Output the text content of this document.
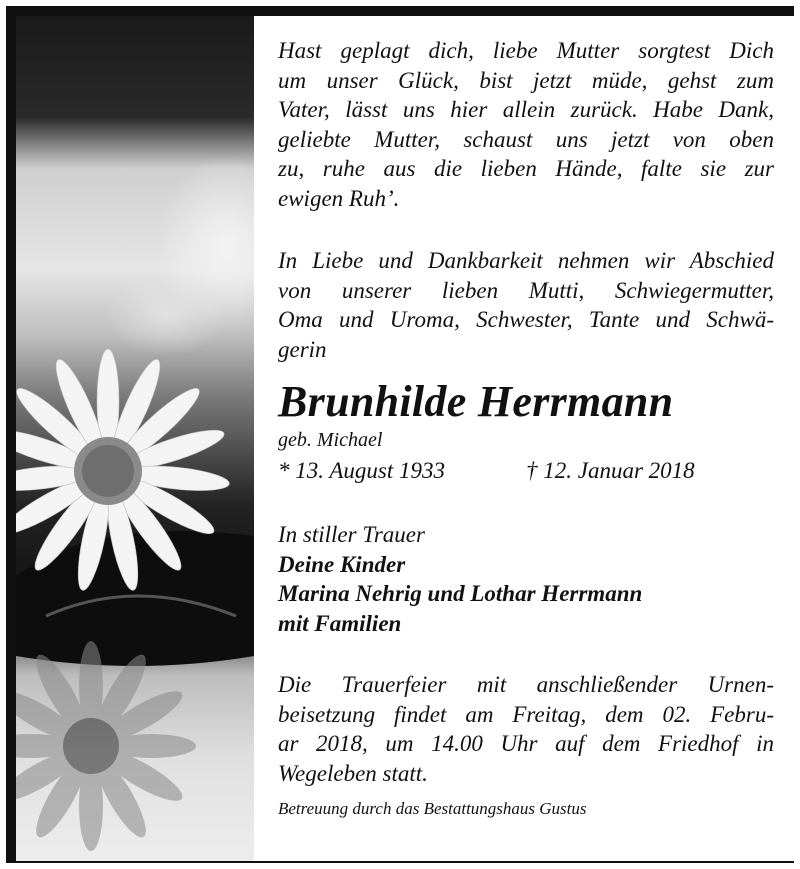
Hast geplagt dich, liebe Mutter sorgtest Dich
um unser Glück, bist jetzt müde, gehst zum
Vater, lässt uns hier allein zurück. Habe Dank,
geliebte Mutter, schaust uns jetzt von oben
zu, ruhe aus die lieben Hände, falte sie zur
ewigen Ruh’.

In Liebe und Dankbarkeit nehmen wir Abschied
von unserer lieben Mutti, Schwiegermutter,
Oma und Uroma, Schwester, Tante und Schwä-
gerin

Brunhilde Herrmann
geb. Michael
* 13. August 1933	† 12. Januar 2018
In stiller Trauer
Deine Kinder
Marina Nehrig und Lothar Herrmann
mit Familien

Die Trauerfeier mit anschließender Urnen-
beisetzung findet am Freitag, dem 02. Febru-
ar 2018, um 14.00 Uhr auf dem Friedhof in
Wegeleben statt.

Betreuung durch das Bestattungshaus Gustus
